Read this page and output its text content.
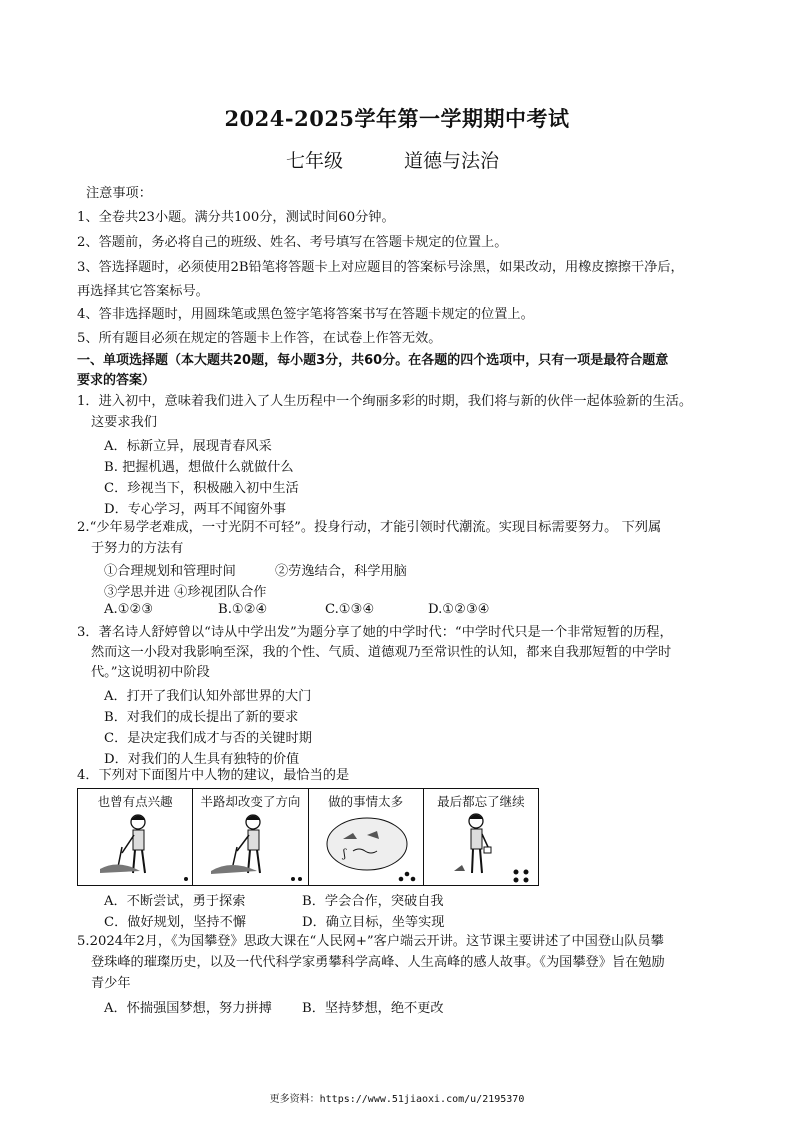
2024-2025学年第一学期期中考试
七年级	道德与法治
注意事项：
1、全卷共23小题。满分共100分，测试时间60分钟。
2、答题前，务必将自己的班级、姓名、考号填写在答题卡规定的位置上。
3、答选择题时，必须使用2B铅笔将答题卡上对应题目的答案标号涂黑，如果改动，用橡皮擦擦干净后，
再选择其它答案标号。
4、答非选择题时，用圆珠笔或黑色签字笔将答案书写在答题卡规定的位置上。
5、所有题目必须在规定的答题卡上作答，在试卷上作答无效。
一、单项选择题（本大题共20题，每小题3分，共60分。在各题的四个选项中，只有一项是最符合题意
要求的答案）
1．进入初中，意味着我们进入了人生历程中一个绚丽多彩的时期，我们将与新的伙伴一起体验新的生活。
这要求我们
A．标新立异，展现青春风采
B. 把握机遇，想做什么就做什么
C．珍视当下，积极融入初中生活
D．专心学习，两耳不闻窗外事
2.“少年易学老难成，一寸光阴不可轻”。投身行动，才能引领时代潮流。实现目标需要努力。 下列属
于努力的方法有
①合理规划和管理时间	②劳逸结合，科学用脑
③学思并进 ④珍视团队合作
A.①②③	B.①②④	C.①③④	D.①②③④
3．著名诗人舒婷曾以“诗从中学出发”为题分享了她的中学时代：“中学时代只是一个非常短暂的历程，
然而这一小段对我影响至深，我的个性、气质、道德观乃至常识性的认知，都来自我那短暂的中学时
代。”这说明初中阶段
A．打开了我们认知外部世界的大门
B．对我们的成长提出了新的要求
C．是决定我们成才与否的关键时期
D．对我们的人生具有独特的价值
4．下列对下面图片中人物的建议，最恰当的是
也曾有点兴趣	半路却改变了方向	做的事情太多
ʃ
最后都忘了继续
A．不断尝试，勇于探索	B．学会合作，突破自我
C．做好规划，坚持不懈	D．确立目标，坐等实现
5.2024年2月，《为国攀登》思政大课在“人民网+”客户端云开讲。这节课主要讲述了中国登山队员攀
登珠峰的璀璨历史，以及一代代科学家勇攀科学高峰、人生高峰的感人故事。《为国攀登》旨在勉励
青少年
A．怀揣强国梦想，努力拼搏 B．坚持梦想，绝不更改
更多资料：https://www.51jiaoxi.com/u/2195370
